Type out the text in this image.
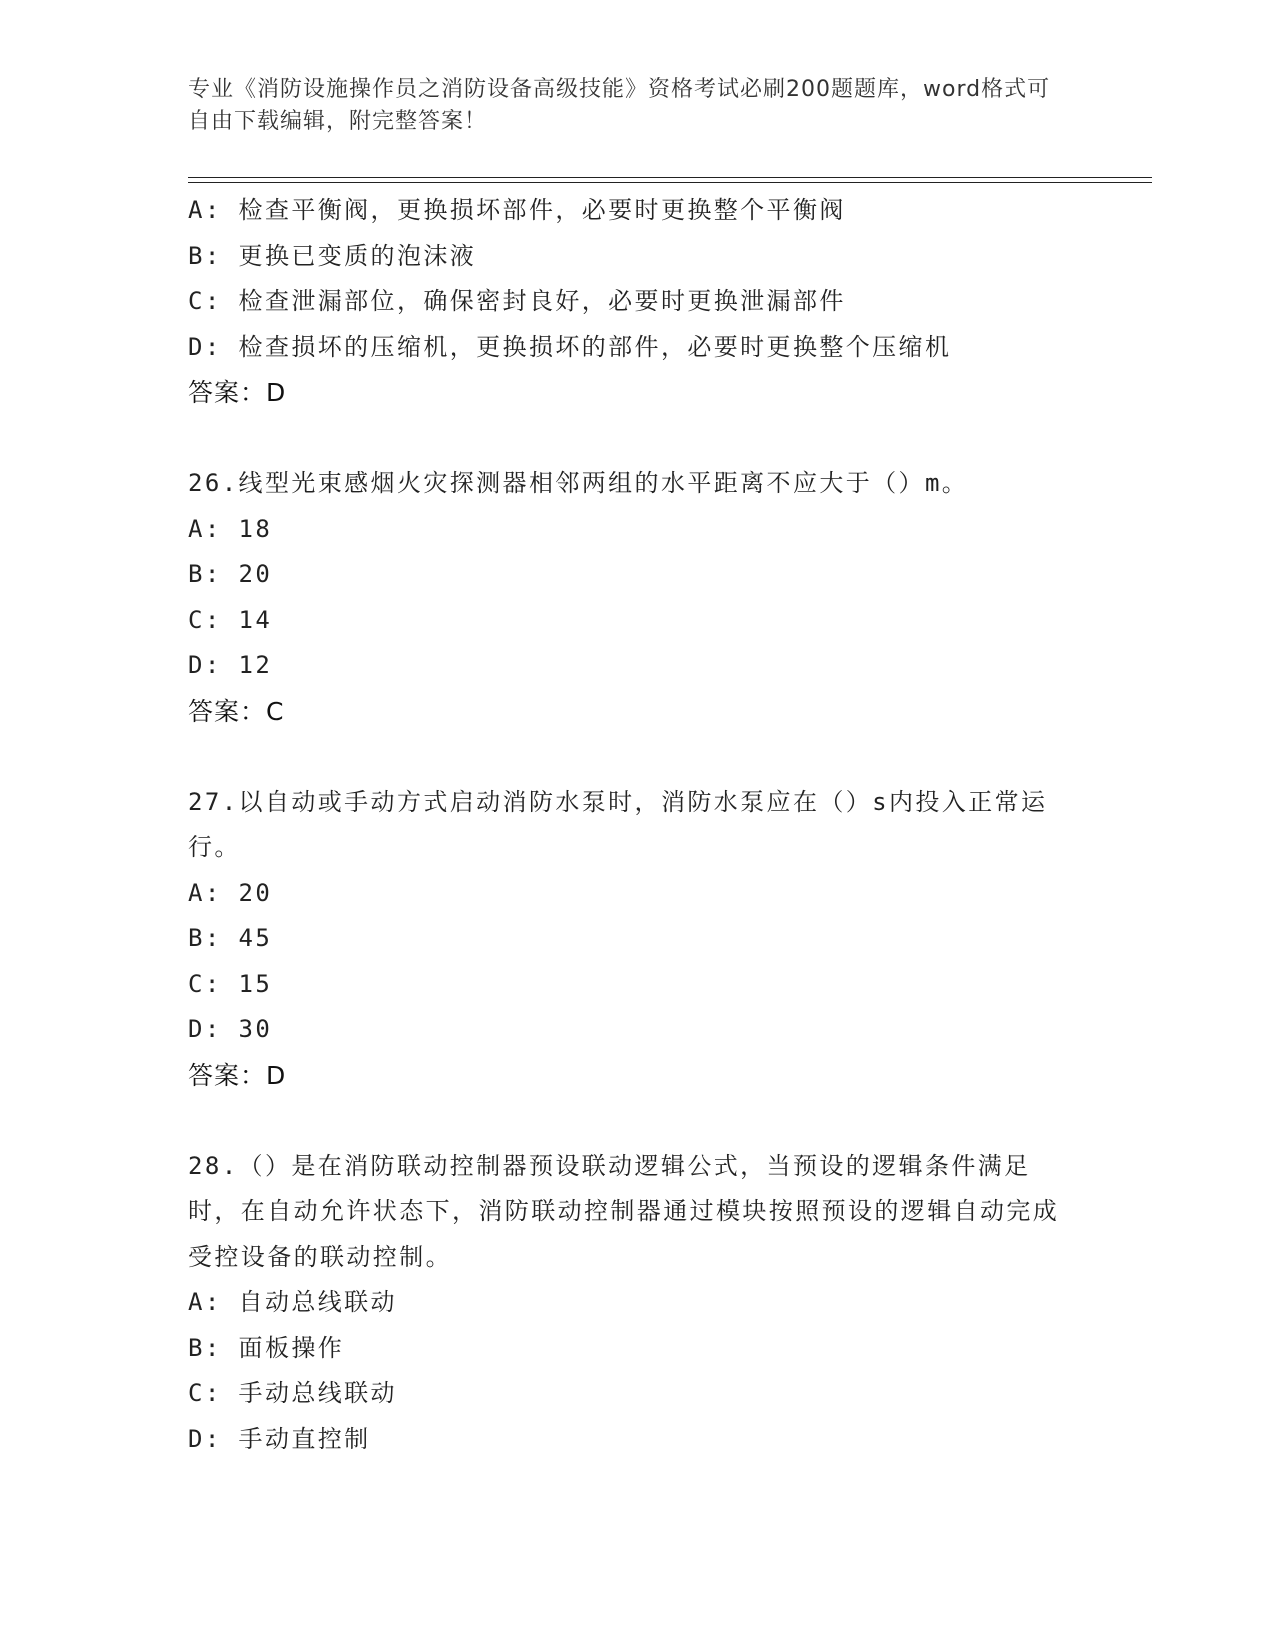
专业《消防设施操作员之消防设备高级技能》资格考试必刷200题题库，word格式可自由下载编辑，附完整答案！
A: 检查平衡阀，更换损坏部件，必要时更换整个平衡阀
B: 更换已变质的泡沫液
C: 检查泄漏部位，确保密封良好，必要时更换泄漏部件
D: 检查损坏的压缩机，更换损坏的部件，必要时更换整个压缩机
答案：D
26.线型光束感烟火灾探测器相邻两组的水平距离不应大于（）m。
A: 18
B: 20
C: 14
D: 12
答案：C
27.以自动或手动方式启动消防水泵时，消防水泵应在（）s内投入正常运行。
A: 20
B: 45
C: 15
D: 30
答案：D
28.（）是在消防联动控制器预设联动逻辑公式，当预设的逻辑条件满足时，在自动允许状态下，消防联动控制器通过模块按照预设的逻辑自动完成受控设备的联动控制。
A: 自动总线联动
B: 面板操作
C: 手动总线联动
D: 手动直控制
